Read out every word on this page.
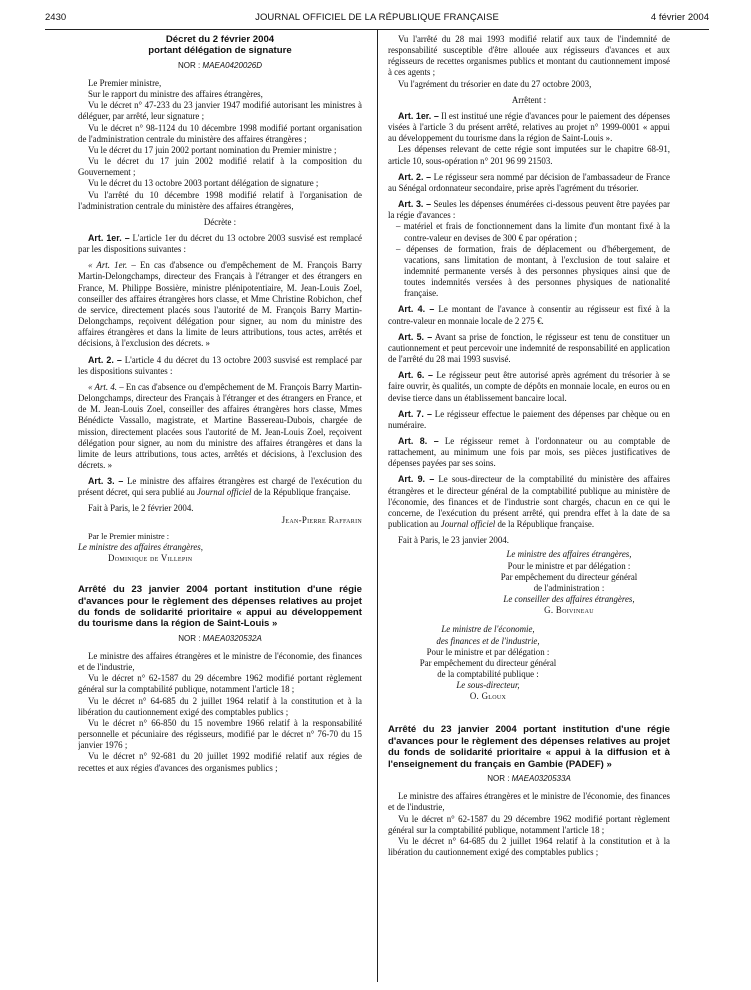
2430	JOURNAL OFFICIEL DE LA RÉPUBLIQUE FRANÇAISE	4 février 2004

Décret du 2 février 2004

portant délégation de signature

NOR : MAEA0420026D

Le Premier ministre,

Sur le rapport du ministre des affaires étrangères,

Vu le décret n° 47-233 du 23 janvier 1947 modifié autorisant les ministres à déléguer, par arrêté, leur signature ;

Vu le décret n° 98-1124 du 10 décembre 1998 modifié portant organisation de l'administration centrale du ministère des affaires étrangères ;

Vu le décret du 17 juin 2002 portant nomination du Premier ministre ;

Vu le décret du 17 juin 2002 modifié relatif à la composition du Gouvernement ;

Vu le décret du 13 octobre 2003 portant délégation de signature ;

Vu l'arrêté du 10 décembre 1998 modifié relatif à l'organisation de l'administration centrale du ministère des affaires étrangères,

Décrète :

Art. 1er. – L'article 1er du décret du 13 octobre 2003 susvisé est remplacé par les dispositions suivantes :

« Art. 1er. – En cas d'absence ou d'empêchement de M. François Barry Martin-Delongchamps, directeur des Français à l'étranger et des étrangers en France, M. Philippe Bossière, ministre plénipotentiaire, M. Jean-Louis Zoel, conseiller des affaires étrangères hors classe, et Mme Christine Robichon, chef de service, directement placés sous l'autorité de M. François Barry Martin-Delongchamps, reçoivent délégation pour signer, au nom du ministre des affaires étrangères et dans la limite de leurs attributions, tous actes, arrêtés et décisions, à l'exclusion des décrets. »

Art. 2. – L'article 4 du décret du 13 octobre 2003 susvisé est remplacé par les dispositions suivantes :

« Art. 4. – En cas d'absence ou d'empêchement de M. François Barry Martin-Delongchamps, directeur des Français à l'étranger et des étrangers en France, et de M. Jean-Louis Zoel, conseiller des affaires étrangères hors classe, Mmes Bénédicte Vassallo, magistrate, et Martine Bassereau-Dubois, chargée de mission, directement placées sous l'autorité de M. Jean-Louis Zoel, reçoivent délégation pour signer, au nom du ministre des affaires étrangères et dans la limite de leurs attributions, tous actes, arrêtés et décisions, à l'exclusion des décrets. »

Art. 3. – Le ministre des affaires étrangères est chargé de l'exécution du présent décret, qui sera publié au Journal officiel de la République française.

Fait à Paris, le 2 février 2004.

Jean-Pierre Raffarin

Par le Premier ministre :

Le ministre des affaires étrangères,

Dominique de Villepin

Arrêté du 23 janvier 2004 portant institution d'une régie d'avances pour le règlement des dépenses relatives au projet du fonds de solidarité prioritaire « appui au développement du tourisme dans la région de Saint-Louis »

NOR : MAEA0320532A

Le ministre des affaires étrangères et le ministre de l'économie, des finances et de l'industrie,

Vu le décret n° 62-1587 du 29 décembre 1962 modifié portant règlement général sur la comptabilité publique, notamment l'article 18 ;

Vu le décret n° 64-685 du 2 juillet 1964 relatif à la constitution et à la libération du cautionnement exigé des comptables publics ;

Vu le décret n° 66-850 du 15 novembre 1966 relatif à la responsabilité personnelle et pécuniaire des régisseurs, modifié par le décret n° 76-70 du 15 janvier 1976 ;

Vu le décret n° 92-681 du 20 juillet 1992 modifié relatif aux régies de recettes et aux régies d'avances des organismes publics ;

Vu l'arrêté du 28 mai 1993 modifié relatif aux taux de l'indemnité de responsabilité susceptible d'être allouée aux régisseurs d'avances et aux régisseurs de recettes organismes publics et montant du cautionnement imposé à ces agents ;

Vu l'agrément du trésorier en date du 27 octobre 2003,

Arrêtent :

Art. 1er. – Il est institué une régie d'avances pour le paiement des dépenses visées à l'article 3 du présent arrêté, relatives au projet n° 1999-0001 « appui au développement du tourisme dans la région de Saint-Louis ».

Les dépenses relevant de cette régie sont imputées sur le chapitre 68-91, article 10, sous-opération n° 201 96 99 21503.

Art. 2. – Le régisseur sera nommé par décision de l'ambassadeur de France au Sénégal ordonnateur secondaire, prise après l'agrément du trésorier.

Art. 3. – Seules les dépenses énumérées ci-dessous peuvent être payées par la régie d'avances :

– matériel et frais de fonctionnement dans la limite d'un montant fixé à la contre-valeur en devises de 300 € par opération ;

– dépenses de formation, frais de déplacement ou d'hébergement, de vacations, sans limitation de montant, à l'exclusion de tout salaire et indemnité permanente versés à des personnes physiques ainsi que de toutes indemnités versées à des personnes physiques de nationalité française.

Art. 4. – Le montant de l'avance à consentir au régisseur est fixé à la contre-valeur en monnaie locale de 2 275 €.

Art. 5. – Avant sa prise de fonction, le régisseur est tenu de constituer un cautionnement et peut percevoir une indemnité de responsabilité en application de l'arrêté du 28 mai 1993 susvisé.

Art. 6. – Le régisseur peut être autorisé après agrément du trésorier à se faire ouvrir, ès qualités, un compte de dépôts en monnaie locale, en euros ou en devise tierce dans un établissement bancaire local.

Art. 7. – Le régisseur effectue le paiement des dépenses par chèque ou en numéraire.

Art. 8. – Le régisseur remet à l'ordonnateur ou au comptable de rattachement, au minimum une fois par mois, ses pièces justificatives de dépenses payées par ses soins.

Art. 9. – Le sous-directeur de la comptabilité du ministère des affaires étrangères et le directeur général de la comptabilité publique au ministère de l'économie, des finances et de l'industrie sont chargés, chacun en ce qui le concerne, de l'exécution du présent arrêté, qui prendra effet à la date de sa publication au Journal officiel de la République française.

Fait à Paris, le 23 janvier 2004.

Le ministre des affaires étrangères,

Pour le ministre et par délégation :

Par empêchement du directeur général

de l'administration :

Le conseiller des affaires étrangères,

G. Boivineau

Le ministre de l'économie,

des finances et de l'industrie,

Pour le ministre et par délégation :

Par empêchement du directeur général

de la comptabilité publique :

Le sous-directeur,

O. Gloux

Arrêté du 23 janvier 2004 portant institution d'une régie d'avances pour le règlement des dépenses relatives au projet du fonds de solidarité prioritaire « appui à la diffusion et à l'enseignement du français en Gambie (PADEF) »

NOR : MAEA0320533A

Le ministre des affaires étrangères et le ministre de l'économie, des finances et de l'industrie,

Vu le décret n° 62-1587 du 29 décembre 1962 modifié portant règlement général sur la comptabilité publique, notamment l'article 18 ;

Vu le décret n° 64-685 du 2 juillet 1964 relatif à la constitution et à la libération du cautionnement exigé des comptables publics ;
